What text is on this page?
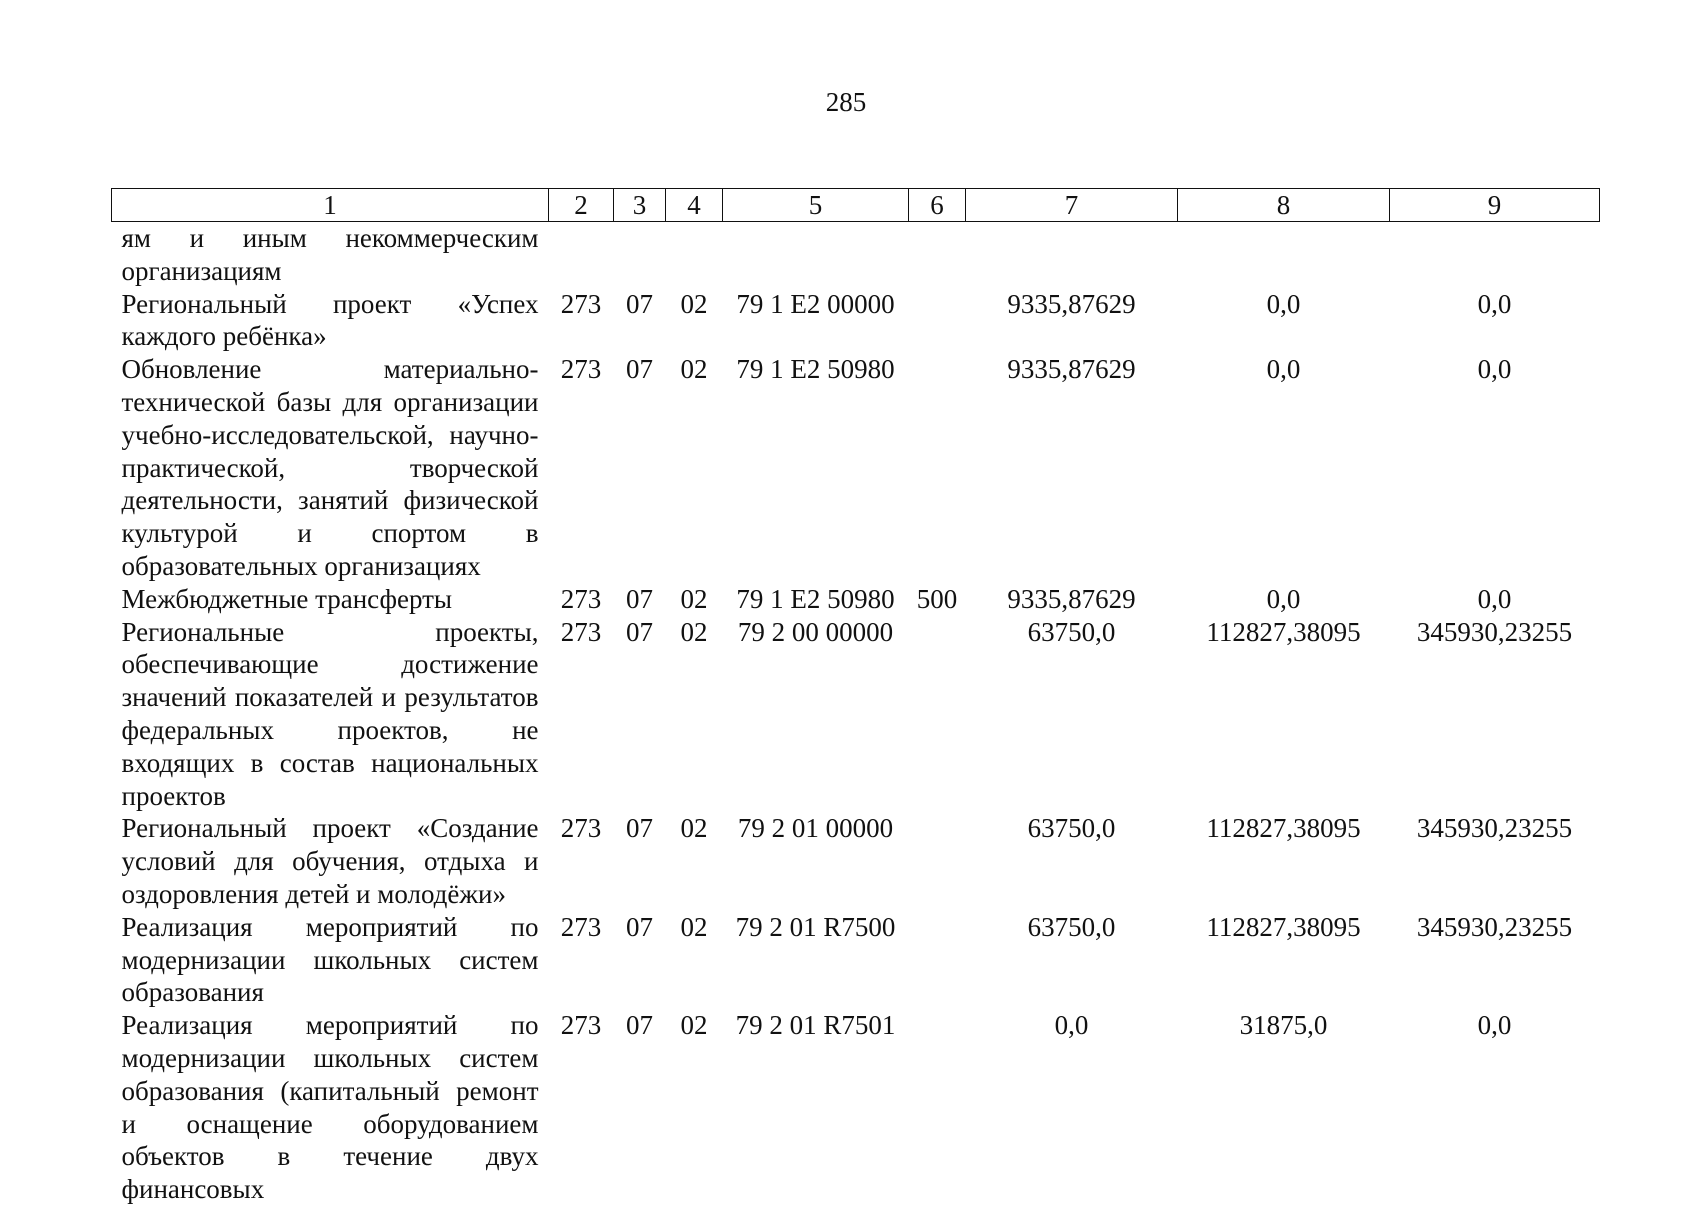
285
1	2	3	4	5	6	7	8	9
ям и иным некоммерческим организациям								
Региональный проект «Успех каждого ребёнка»	273	07	02	79 1 E2 00000		9335,87629	0,0	0,0
Обновление материально-технической базы для организации учебно-исследовательской, научно-практической, творческой деятельности, занятий физической культурой и спортом в образовательных организациях	273	07	02	79 1 E2 50980		9335,87629	0,0	0,0
Межбюджетные трансферты	273	07	02	79 1 E2 50980	500	9335,87629	0,0	0,0
Региональные проекты, обеспечивающие достижение значений показателей и результатов федеральных проектов, не входящих в состав национальных проектов	273	07	02	79 2 00 00000		63750,0	112827,38095	345930,23255
Региональный проект «Создание условий для обучения, отдыха и оздоровления детей и молодёжи»	273	07	02	79 2 01 00000		63750,0	112827,38095	345930,23255
Реализация мероприятий по модернизации школьных систем образования	273	07	02	79 2 01 R7500		63750,0	112827,38095	345930,23255
Реализация мероприятий по модернизации школьных систем образования (капитальный ремонт и оснащение оборудованием объектов в течение двух финансовых	273	07	02	79 2 01 R7501		0,0	31875,0	0,0
